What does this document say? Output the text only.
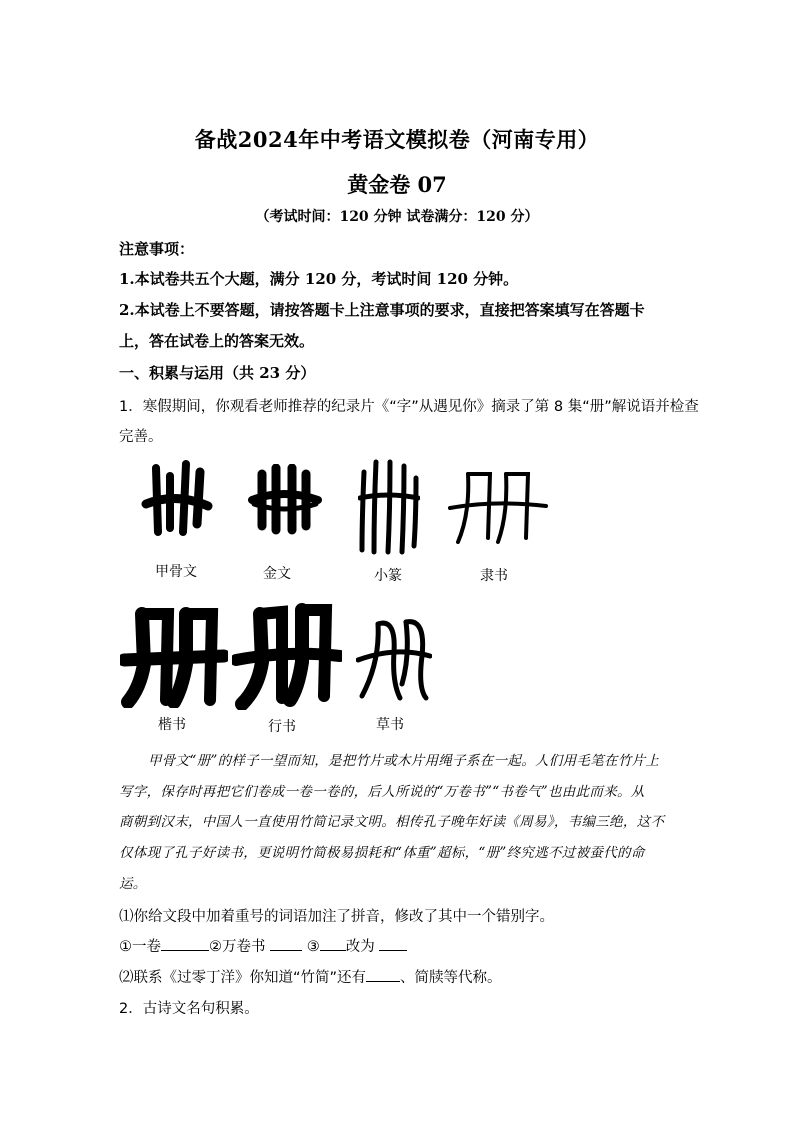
备战2024年中考语文模拟卷（河南专用）
黄金卷 07
（考试时间：120 分钟 试卷满分：120 分）
注意事项：
1.本试卷共五个大题，满分 120 分，考试时间 120 分钟。
2.本试卷上不要答题，请按答题卡上注意事项的要求，直接把答案填写在答题卡
上，答在试卷上的答案无效。
一、积累与运用（共 23 分）
1．寒假期间，你观看老师推荐的纪录片《“字”从遇见你》摘录了第 8 集“册”解说语并检查
完善。
甲骨文	金文	小篆	隶书
楷书	行书	草书
甲骨文“册”的样子一望而知，是把竹片或木片用绳子系在一起。人们用毛笔在竹片上
写字，保存时再把它们卷成一卷一卷的，后人所说的“万卷书”“书卷气”也由此而来。从
商朝到汉末，中国人一直使用竹简记录文明。相传孔子晚年好读《周易》，韦编三绝，这不
仅体现了孔子好读书，更说明竹简极易损耗和“体重”超标，“册”终究逃不过被蚕代的命
运。
⑴你给文段中加着重号的词语加注了拼音，修改了其中一个错别字。
①一卷	②万卷书	③ 改为
⑵联系《过零丁洋》你知道“竹简”还有 、简牍等代称。
2．古诗文名句积累。
